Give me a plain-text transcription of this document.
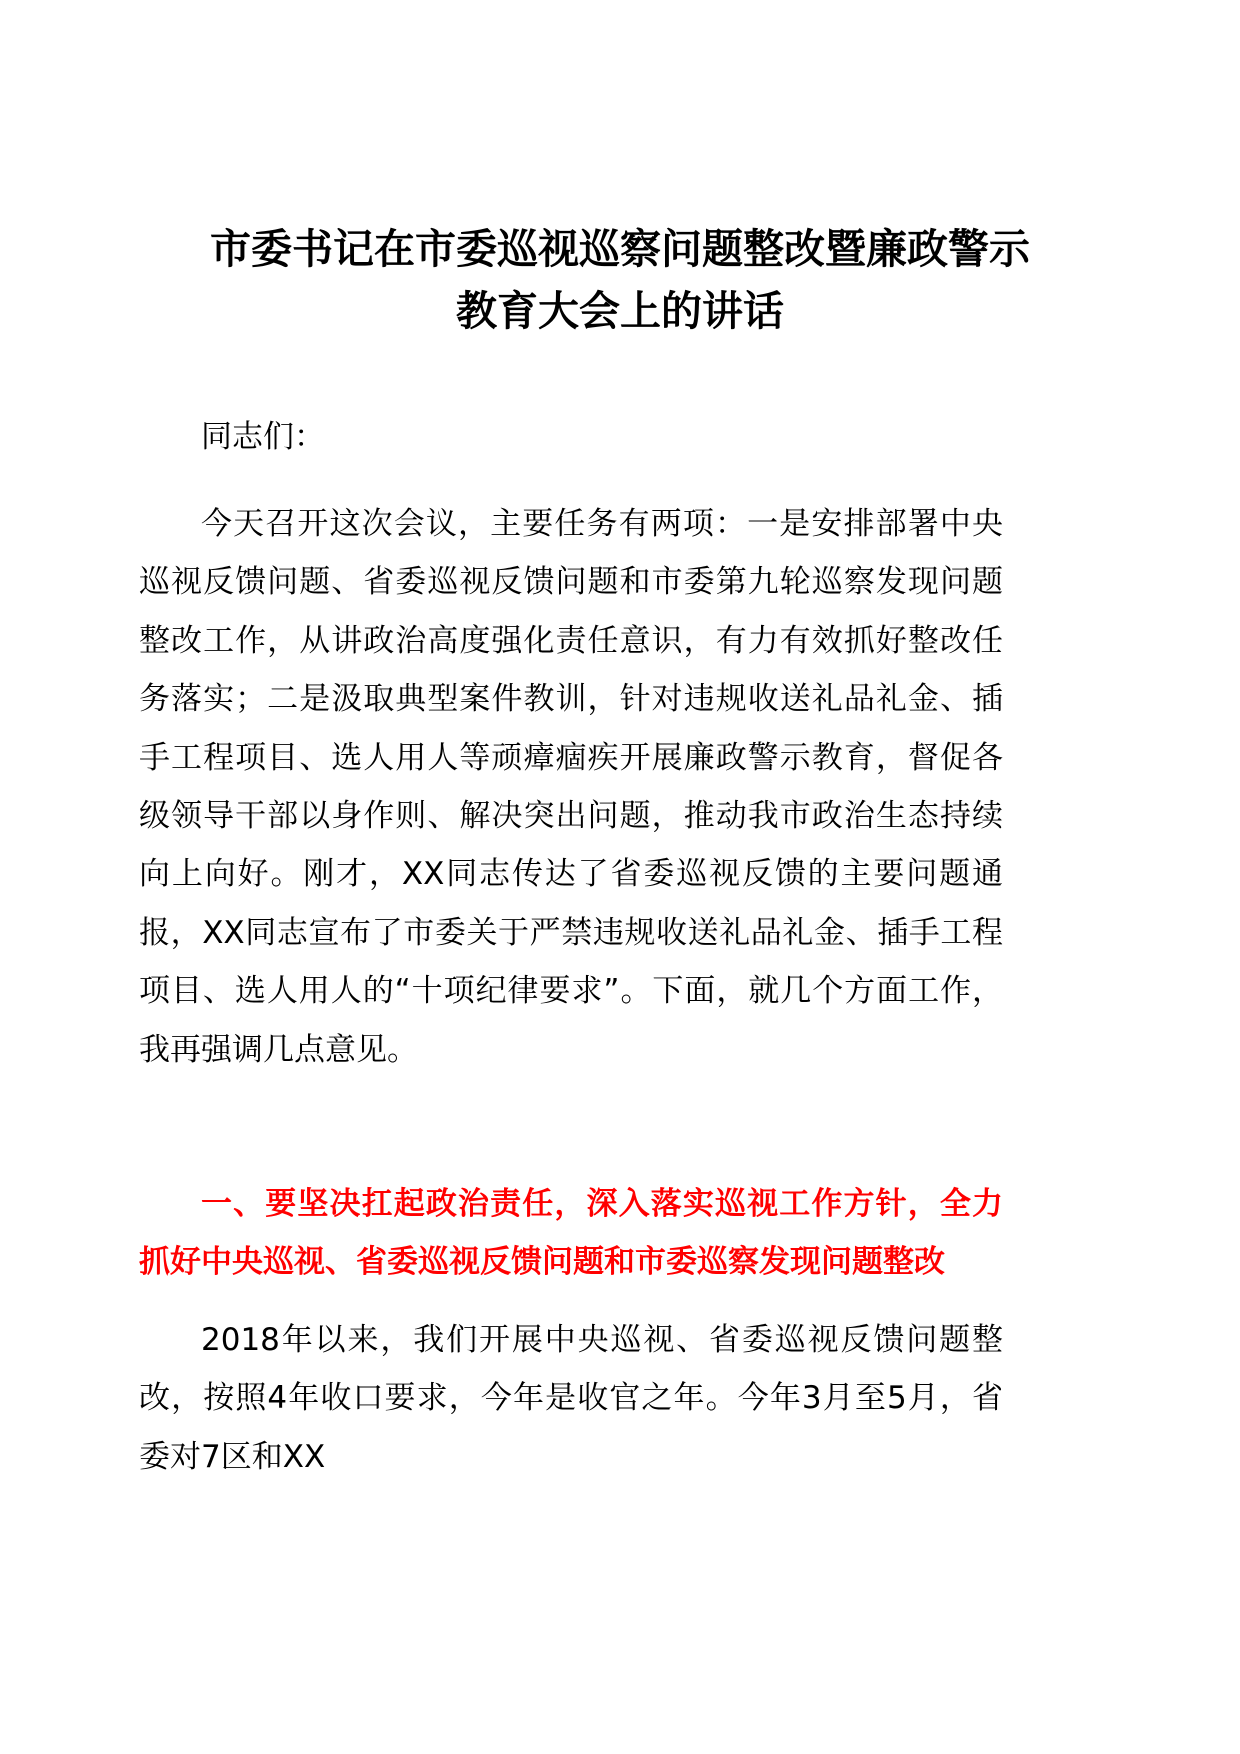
市委书记在市委巡视巡察问题整改暨廉政警示
教育大会上的讲话

同志们：

今天召开这次会议，主要任务有两项：一是安排部署中央巡视反馈问题、省委巡视反馈问题和市委第九轮巡察发现问题整改工作，从讲政治高度强化责任意识，有力有效抓好整改任务落实；二是汲取典型案件教训，针对违规收送礼品礼金、插手工程项目、选人用人等顽瘴痼疾开展廉政警示教育，督促各级领导干部以身作则、解决突出问题，推动我市政治生态持续向上向好。刚才，XX同志传达了省委巡视反馈的主要问题通报，XX同志宣布了市委关于严禁违规收送礼品礼金、插手工程项目、选人用人的“十项纪律要求”。下面，就几个方面工作，我再强调几点意见。

一、要坚决扛起政治责任，深入落实巡视工作方针，全力抓好中央巡视、省委巡视反馈问题和市委巡察发现问题整改

2018年以来，我们开展中央巡视、省委巡视反馈问题整改，按照4年收口要求，今年是收官之年。今年3月至5月，省委对7区和XX
